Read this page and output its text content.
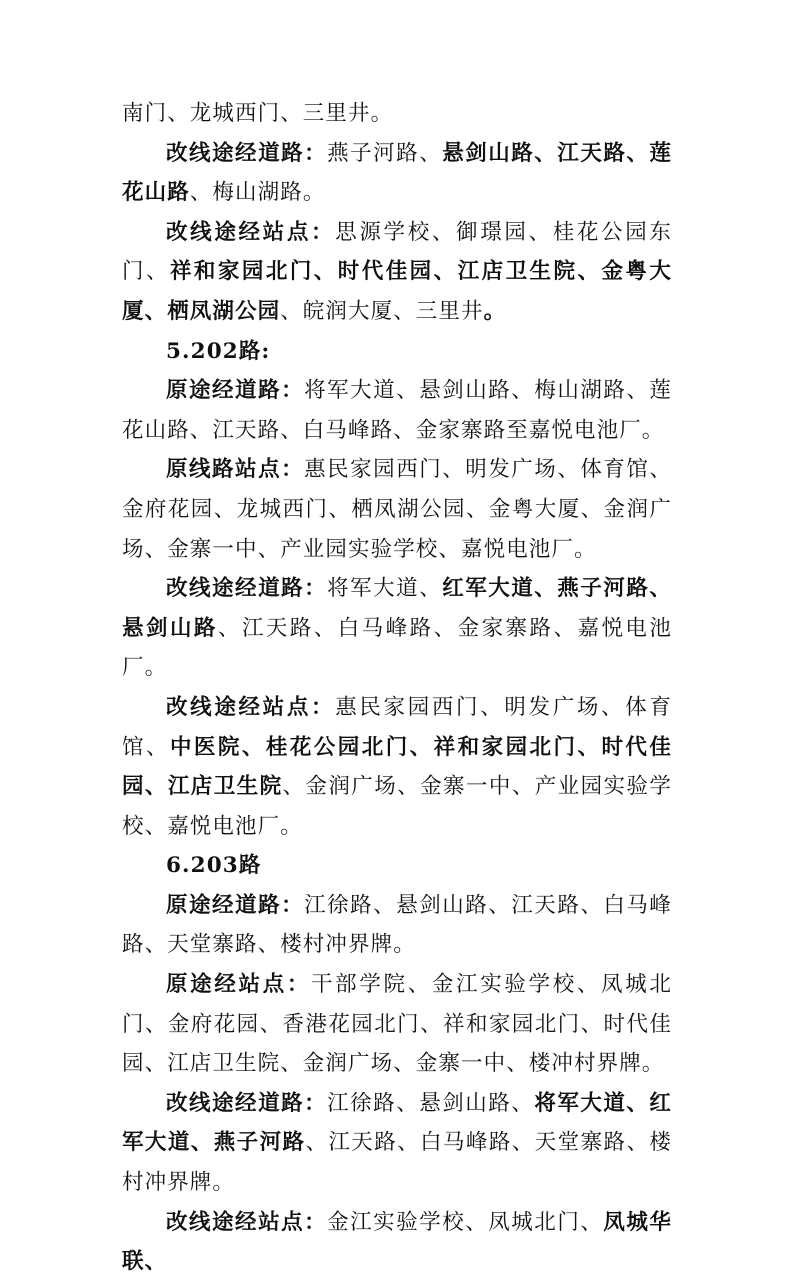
南门、龙城西门、三里井。

改线途经道路：燕子河路、悬剑山路、江天路、莲花山路、梅山湖路。

改线途经站点：思源学校、御璟园、桂花公园东门、祥和家园北门、时代佳园、江店卫生院、金粤大厦、栖凤湖公园、皖润大厦、三里井。

5.202路:

原途经道路：将军大道、悬剑山路、梅山湖路、莲花山路、江天路、白马峰路、金家寨路至嘉悦电池厂。

原线路站点：惠民家园西门、明发广场、体育馆、金府花园、龙城西门、栖凤湖公园、金粤大厦、金润广场、金寨一中、产业园实验学校、嘉悦电池厂。

改线途经道路：将军大道、红军大道、燕子河路、悬剑山路、江天路、白马峰路、金家寨路、嘉悦电池厂。

改线途经站点：惠民家园西门、明发广场、体育馆、中医院、桂花公园北门、祥和家园北门、时代佳园、江店卫生院、金润广场、金寨一中、产业园实验学校、嘉悦电池厂。

6.203路

原途经道路：江徐路、悬剑山路、江天路、白马峰路、天堂寨路、楼村冲界牌。

原途经站点：干部学院、金江实验学校、凤城北门、金府花园、香港花园北门、祥和家园北门、时代佳园、江店卫生院、金润广场、金寨一中、楼冲村界牌。

改线途经道路：江徐路、悬剑山路、将军大道、红军大道、燕子河路、江天路、白马峰路、天堂寨路、楼村冲界牌。

改线途经站点：金江实验学校、凤城北门、凤城华联、
